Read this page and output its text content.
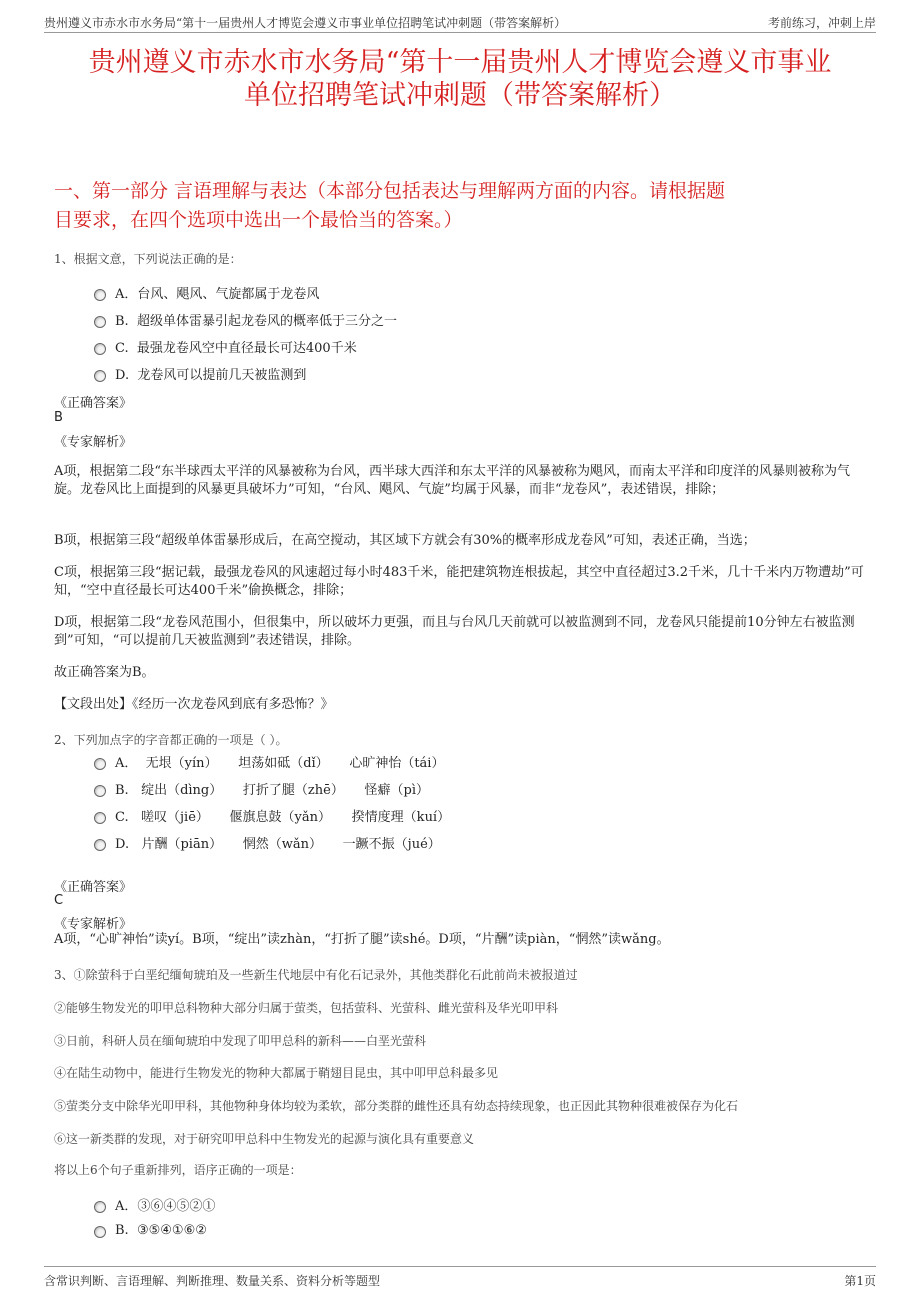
贵州遵义市赤水市水务局“第十一届贵州人才博览会遵义市事业单位招聘笔试冲刺题（带答案解析）	考前练习，冲刺上岸
贵州遵义市赤水市水务局“第十一届贵州人才博览会遵义市事业
单位招聘笔试冲刺题（带答案解析）
一、第一部分 言语理解与表达（本部分包括表达与理解两方面的内容。请根据题
目要求，在四个选项中选出一个最恰当的答案。）
1、根据文意，下列说法正确的是：
A．台风、飓风、气旋都属于龙卷风
B.  超级单体雷暴引起龙卷风的概率低于三分之一
C.  最强龙卷风空中直径最长可达400千米
D.  龙卷风可以提前几天被监测到
《正确答案》
B
《专家解析》
A项，根据第二段“东半球西太平洋的风暴被称为台风，西半球大西洋和东太平洋的风暴被称为飓风，而南太平洋和印度洋的风暴则被称为气旋。龙卷风比上面提到的风暴更具破坏力”可知，“台风、飓风、气旋”均属于风暴，而非“龙卷风”，表述错误，排除；
B项，根据第三段“超级单体雷暴形成后，在高空搅动，其区域下方就会有30%的概率形成龙卷风”可知，表述正确，当选；
C项，根据第三段“据记载，最强龙卷风的风速超过每小时483千米，能把建筑物连根拔起，其空中直径超过3.2千米，几十千米内万物遭劫”可知，“空中直径最长可达400千米”偷换概念，排除；
D项，根据第二段“龙卷风范围小，但很集中，所以破坏力更强，而且与台风几天前就可以被监测到不同，龙卷风只能提前10分钟左右被监测到”可知，“可以提前几天被监测到”表述错误，排除。
故正确答案为B。
【文段出处】《经历一次龙卷风到底有多恐怖？》
2、下列加点字的字音都正确的一项是（ ）。
A．  无垠（yín）     坦荡如砥（dǐ）     心旷神怡（tái）
B.   绽出（dìng）     打折了腿（zhē）     怪癖（pì）
C.   嗟叹（jiē）     偃旗息鼓（yǎn）     揆情度理（kuí）
D.   片酬（piān）     惘然（wǎn）     一蹶不振（jué）
《正确答案》
C
《专家解析》
A项，“心旷神怡”读yí。B项，“绽出”读zhàn，“打折了腿”读shé。D项，“片酬”读piàn，“惘然”读wǎng。
3、①除萤科于白垩纪缅甸琥珀及一些新生代地层中有化石记录外，其他类群化石此前尚未被报道过
②能够生物发光的叩甲总科物种大部分归属于萤类，包括萤科、光萤科、雌光萤科及华光叩甲科
③日前，科研人员在缅甸琥珀中发现了叩甲总科的新科——白垩光萤科
④在陆生动物中，能进行生物发光的物种大都属于鞘翅目昆虫，其中叩甲总科最多见
⑤萤类分支中除华光叩甲科，其他物种身体均较为柔软，部分类群的雌性还具有幼态持续现象，也正因此其物种很难被保存为化石
⑥这一新类群的发现，对于研究叩甲总科中生物发光的起源与演化具有重要意义
将以上6个句子重新排列，语序正确的一项是：
A．③⑥④⑤②①
B.  ③⑤④①⑥②
含常识判断、言语理解、判断推理、数量关系、资料分析等题型	第1页
